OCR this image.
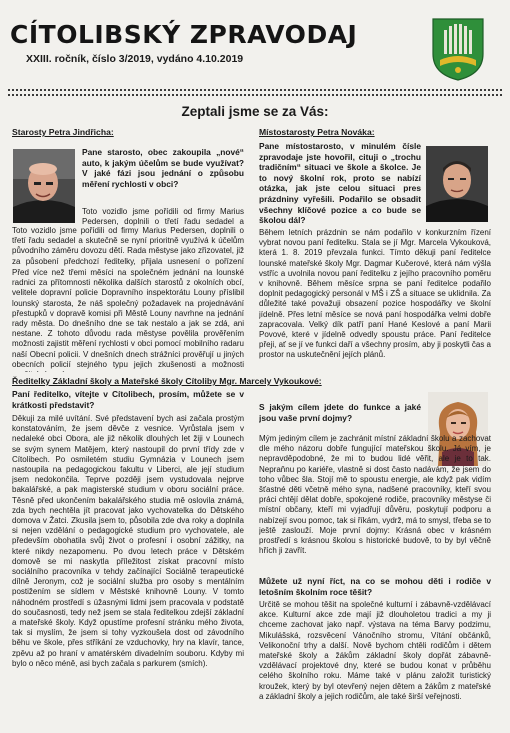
CÍTOLIBSKÝ ZPRAVODAJ
XXIII. ročník, číslo 3/2019, vydáno 4.10.2019
Zeptali jsme se za Vás:
Starosty Petra Jindřicha:

Pane starosto, obec zakoupila „nové“ auto, k jakým účelům se bude využívat? V jaké fázi jsou jednání o způsobu měření rychlosti v obci?

Toto vozidlo jsme pořídili od firmy Marius Pedersen, doplnili o třetí řadu sedadel a

Toto vozidlo jsme pořídili od firmy Marius Pedersen, doplnili o třetí řadu sedadel a skutečně se nyní prioritně využívá k účelům původního záměru dovozu dětí. Rada městyse jako zřizovatel, již za působení předchozí ředitelky, přijala usnesení o pořízení

Před více než třemi měsíci na společném jednání na lounské radnici za přítomnosti několika dalších starostů z okolních obcí, velitele dopravní policie Dopravního inspektorátu Louny příslibil lounský starosta, že náš společný požadavek na projednávání přestupků v dopravě komisi při Městě Louny navrhne na jednání rady města. Do dnešního dne se tak nestalo a jak se zdá, ani nestane. Z tohoto důvodu rada městyse povělila prověřením možnosti zajistit měření rychlosti v obci pomocí mobilního radaru naší Obecní policii. V dnešních dnech strážníci prověřují u jiných obecních policií stejného typu jejich zkušenosti a možnosti

Místostarosty Petra Nováka:

Pane místostarosto, v minulém čísle zpravodaje jste hovořil, cituji o „trochu tradičním“ situaci ve škole a školce. Je to nový školní rok, proto se nabízí otázka, jak jste celou situaci pres prázdniny vyřešili. Podařilo se obsadit všechny klíčové pozice a co bude se školou dál?

Během letních prázdnin se nám podařilo v konkurzním řízení vybrat novou paní ředitelku. Stala se jí Mgr. Marcela Vykouková, která 1. 8. 2019 převzala funkci. Tímto děkuji paní ředitelce lounské mateřské školy Mgr. Dagmar Kučerové, která nám výšla vstříc a uvolnila novou paní ředitelku z jejího pracovního poměru v knihovně. Během měsíce srpna se paní ředitelce podařilo doplnit pedagogický personál v MŠ i ZŠ a situace se uklidnila. Za důležité také považuji obsazení pozice hospodářky ve školní jídelně. Přes letní měsíce se nová paní hospodářka velmi dobře zapracovala. Velký dík patří paní Hané Keslové a paní Marii Povové, které v jídelně odvedly spoustu práce. Paní ředitelce přeji, ať se jí ve funkci daří a všechny prosím, aby ji poskytli čas a prostor na uskutečnění jejích plánů.

Ředitelky Základní školy a Mateřské školy Cítoliby Mgr. Marcely Vykoukové:

Paní ředitelko, vítejte v Cítolibech, prosím, můžete se v krátkosti představit?

Děkuji za milé uvítání. Své představení bych asi začala prostým konstatováním, že jsem děvče z vesnice. Vyrůstala jsem v nedaleké obci Obora, ale již několik dlouhých let žiji v Lounech se svým synem Matějem, který nastoupil do první třídy zde v Cítolibech. Po osmiletém studiu Gymnázia v Lounech jsem nastoupila na pedagogickou fakultu v Liberci, ale její studium jsem nedokončila. Teprve později jsem vystudovala nejprve bakalářské, a pak magisterské studium v oboru sociální práce. Těsně před ukončením bakalářského studia mě oslovila známá, zda bych nechtěla jít pracovat jako vychovatelka do Dětského domova v Žatci. Zkusila jsem to, působila zde dva roky a doplnila si nejen vzdělání o pedagogické studium pro vychovatele, ale především obohatila svůj život o profesní i osobní zážitky, na které nikdy nezapomenu. Po dvou letech práce v Dětském domově se mi naskytla příležitost získat pracovní místo sociálního pracovníka v tehdy začínající Sociálně terapeutické dílně Jeronym, což je sociální služba pro osoby s mentálním postižením se sídlem v Městské knihovně Louny. V tomto náhodném prostředí s úžasnými lidmi jsem pracovala v podstatě do současnosti, tedy než jsem se stala ředitelkou zdejší základní a mateřské školy. Když opustíme profesní stránku mého života, tak si myslím, že jsem si tohy vyzkoušela dost od závodního běhu ve škole, přes stříkání ze vzduchovky, hry na klavír, tance, zpěvu až po hraní v amatérském divadelním souboru. Kdyby mi bylo o něco méně, asi bych začala s parkurem (smích).

S jakým cílem jdete do funkce a jaké jsou vaše první dojmy?

Mým jediným cílem je zachránit místní základní školu a zachovat dle mého názoru dobře fungující mateřskou školu. Já vím, je nepravděpodobné, že mi to budou lidé věřit, ale je to tak. Nepraňnu po kariéře, vlastně si dost často nadávám, že jsem do toho vůbec šla. Stojí mě to spoustu energie, ale když pak vidím šťastné děti včetně mého syna, nadšené pracovníky, kteří svou práci chtějí dělat dobře, spokojené rodiče, pracovníky městyse či místní občany, kteří mi vyjadřují důvěru, poskytují podporu a nabízejí svou pomoc, tak si říkám, vydrž, má to smysl, třeba se to ještě zaslouží. Moje první dojmy: Krásná obec v krásném prostředí s krásnou školou s historické budově, to by byl věčně hřích ji zavřít.

Můžete už nyní říct, na co se mohou děti i rodiče v letošním školním roce těšit?

Určitě se mohou těšit na společné kulturní i zábavně-vzdělávací akce. Kulturní akce zde mají již dlouholetou tradici a my ji chceme zachovat jako např. výstava na téma Barvy podzimu, Mikulášská, rozsvěcení Vánočního stromu, Vítání občánků, Velikonoční trhy a další. Nově bychom chtěli rodičům i dětem mateřské školy a žákům základní školy dopřát zábavně-vzdělávací projektové dny, které se budou konat v průběhu celého školního roku. Máme také v plánu založit turistický kroužek, který by byl otevřený nejen dětem a žákům z mateřské a základní školy a jejich rodičům, ale také širší veřejnosti.
